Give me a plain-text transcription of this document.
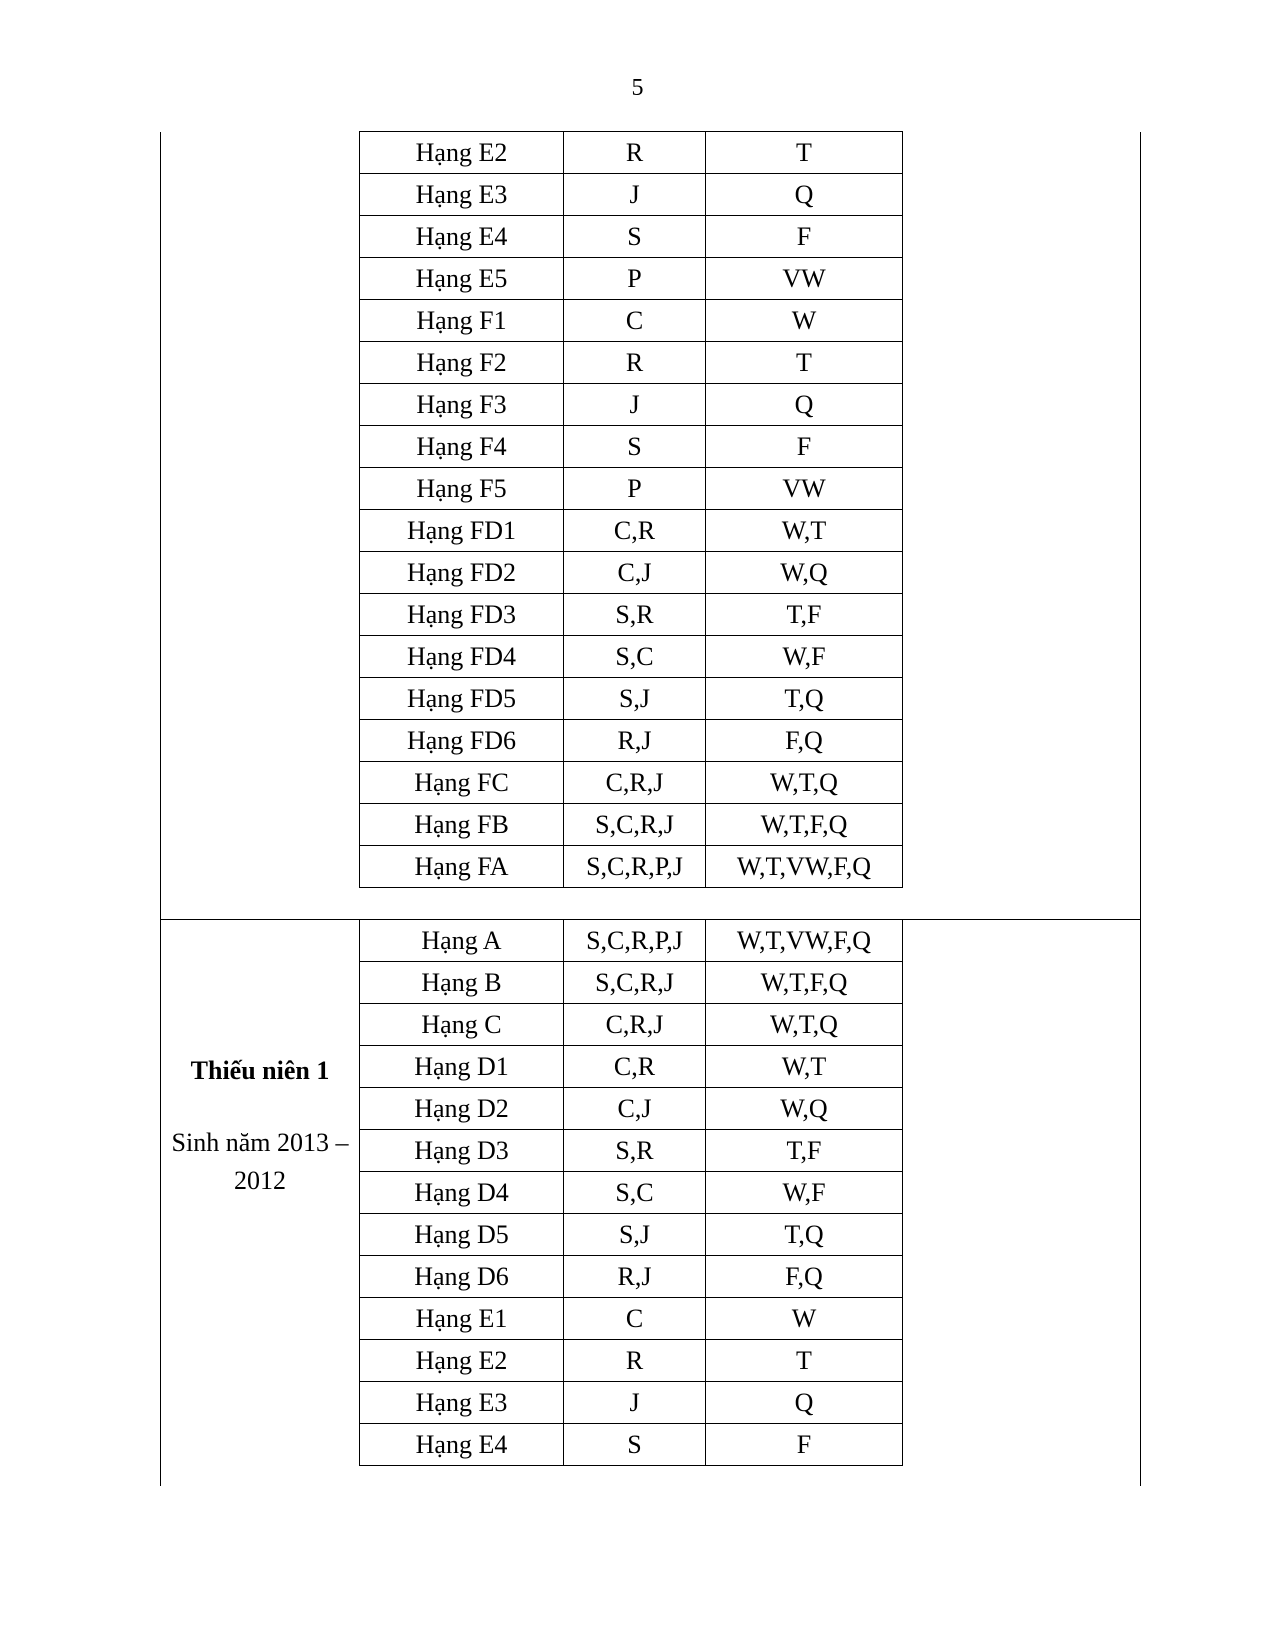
5
Hạng E2	R	T
Hạng E3	J	Q
Hạng E4	S	F
Hạng E5	P	VW
Hạng F1	C	W
Hạng F2	R	T
Hạng F3	J	Q
Hạng F4	S	F
Hạng F5	P	VW
Hạng FD1	C,R	W,T
Hạng FD2	C,J	W,Q
Hạng FD3	S,R	T,F
Hạng FD4	S,C	W,F
Hạng FD5	S,J	T,Q
Hạng FD6	R,J	F,Q
Hạng FC	C,R,J	W,T,Q
Hạng FB	S,C,R,J	W,T,F,Q
Hạng FA	S,C,R,P,J	W,T,VW,F,Q
Thiếu niên 1
Sinh năm 2013 – 2012
Hạng A	S,C,R,P,J	W,T,VW,F,Q
Hạng B	S,C,R,J	W,T,F,Q
Hạng C	C,R,J	W,T,Q
Hạng D1	C,R	W,T
Hạng D2	C,J	W,Q
Hạng D3	S,R	T,F
Hạng D4	S,C	W,F
Hạng D5	S,J	T,Q
Hạng D6	R,J	F,Q
Hạng E1	C	W
Hạng E2	R	T
Hạng E3	J	Q
Hạng E4	S	F
